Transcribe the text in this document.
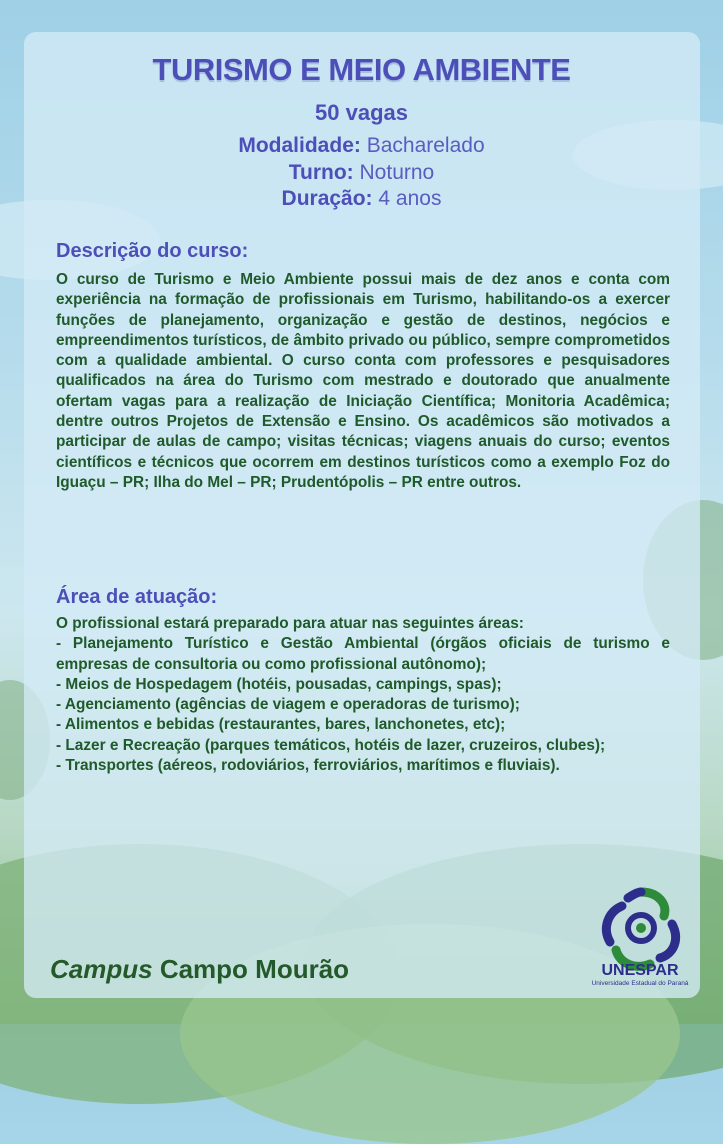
TURISMO E MEIO AMBIENTE
50 vagas
Modalidade: Bacharelado
Turno: Noturno
Duração: 4 anos
Descrição do curso:
O curso de Turismo e Meio Ambiente possui mais de dez anos e conta com experiência na formação de profissionais em Turismo, habilitando-os a exercer funções de planejamento, organização e gestão de destinos, negócios e empreendimentos turísticos, de âmbito privado ou público, sempre comprometidos com a qualidade ambiental. O curso conta com professores e pesquisadores qualificados na área do Turismo com mestrado e doutorado que anualmente ofertam vagas para a realização de Iniciação Científica; Monitoria Acadêmica; dentre outros Projetos de Extensão e Ensino. Os acadêmicos são motivados a participar de aulas de campo; visitas técnicas; viagens anuais do curso; eventos científicos e técnicos que ocorrem em destinos turísticos como a exemplo Foz do Iguaçu – PR; Ilha do Mel – PR; Prudentópolis – PR entre outros.
Área de atuação:
O profissional estará preparado para atuar nas seguintes áreas:
- Planejamento Turístico e Gestão Ambiental (órgãos oficiais de turismo e empresas de consultoria ou como profissional autônomo);
- Meios de Hospedagem (hotéis, pousadas, campings, spas);
- Agenciamento (agências de viagem e operadoras de turismo);
- Alimentos e bebidas (restaurantes, bares, lanchonetes, etc);
- Lazer e Recreação (parques temáticos, hotéis de lazer, cruzeiros, clubes);
- Transportes (aéreos, rodoviários, ferroviários, marítimos e fluviais).
Campus Campo Mourão	UNESPAR
Universidade Estadual do Paraná
